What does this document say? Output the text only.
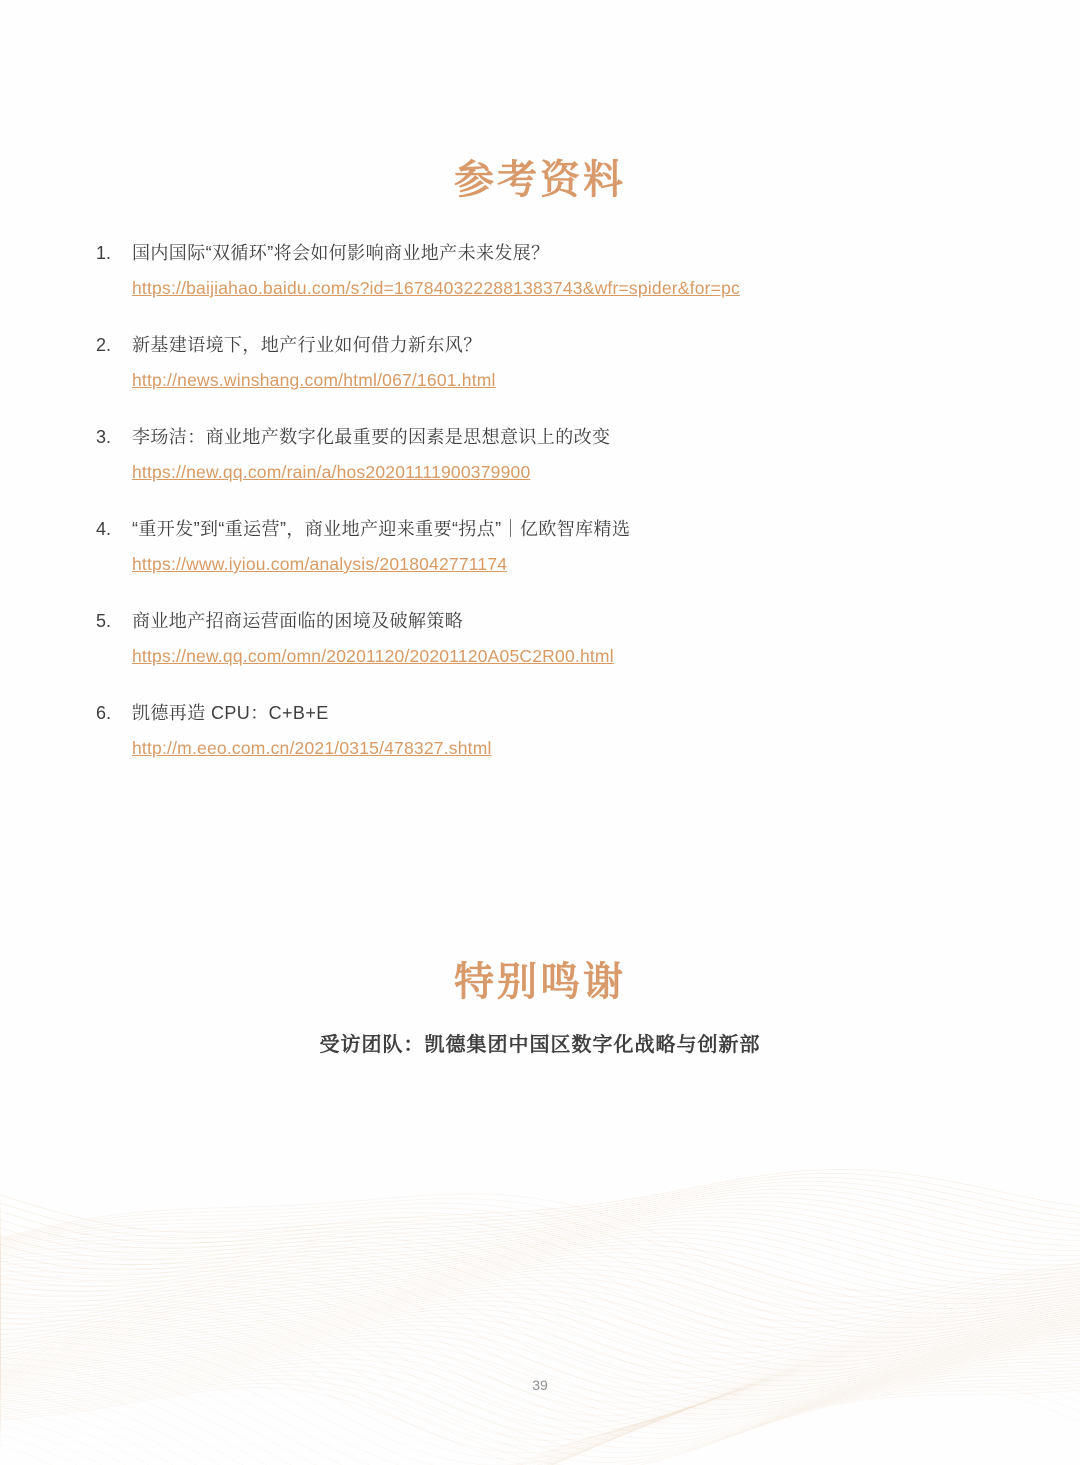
参考资料
1.	国内国际“双循环”将会如何影响商业地产未来发展？
https://baijiahao.baidu.com/s?id=1678403222881383743&wfr=spider&for=pc
2.	新基建语境下，地产行业如何借力新东风？
http://news.winshang.com/html/067/1601.html
3.	李玚洁：商业地产数字化最重要的因素是思想意识上的改变
https://new.qq.com/rain/a/hos20201111900379900
4.	“重开发”到“重运营”，商业地产迎来重要“拐点”｜亿欧智库精选
https://www.iyiou.com/analysis/2018042771174
5.	商业地产招商运营面临的困境及破解策略
https://new.qq.com/omn/20201120/20201120A05C2R00.html
6.	凯德再造 CPU：C+B+E
http://m.eeo.com.cn/2021/0315/478327.shtml
特别鸣谢
受访团队：凯德集团中国区数字化战略与创新部
39
